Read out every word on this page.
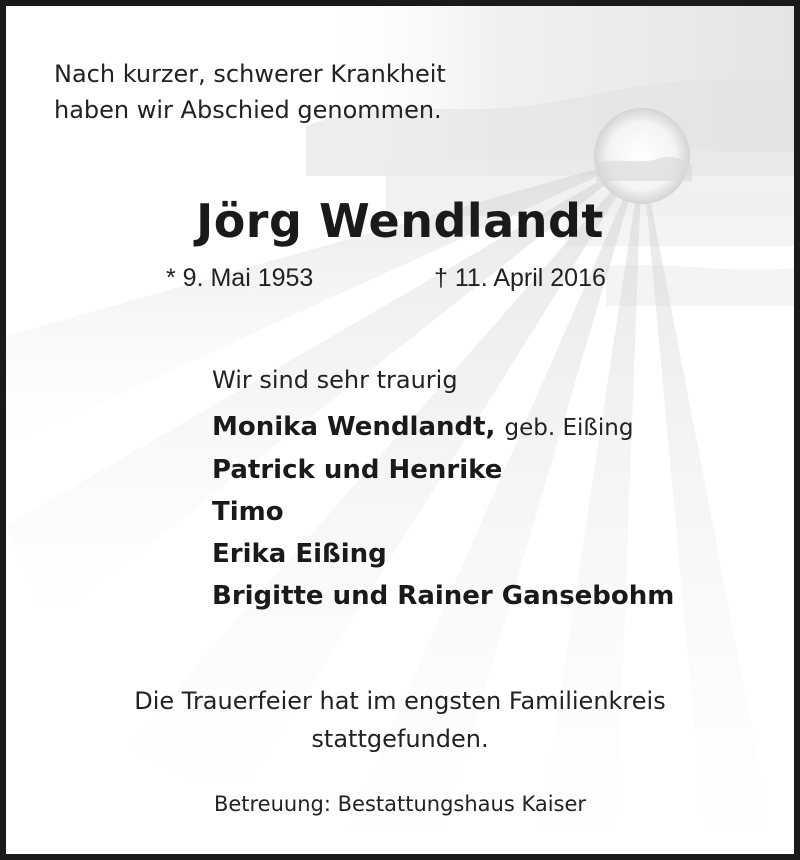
Nach kurzer, schwerer Krankheit
haben wir Abschied genommen.
Jörg Wendlandt
* 9. Mai 1953	† 11. April 2016
Wir sind sehr traurig
Monika Wendlandt, geb. Eißing
Patrick und Henrike
Timo
Erika Eißing
Brigitte und Rainer Gansebohm
Die Trauerfeier hat im engsten Familienkreis
stattgefunden.
Betreuung: Bestattungshaus Kaiser
